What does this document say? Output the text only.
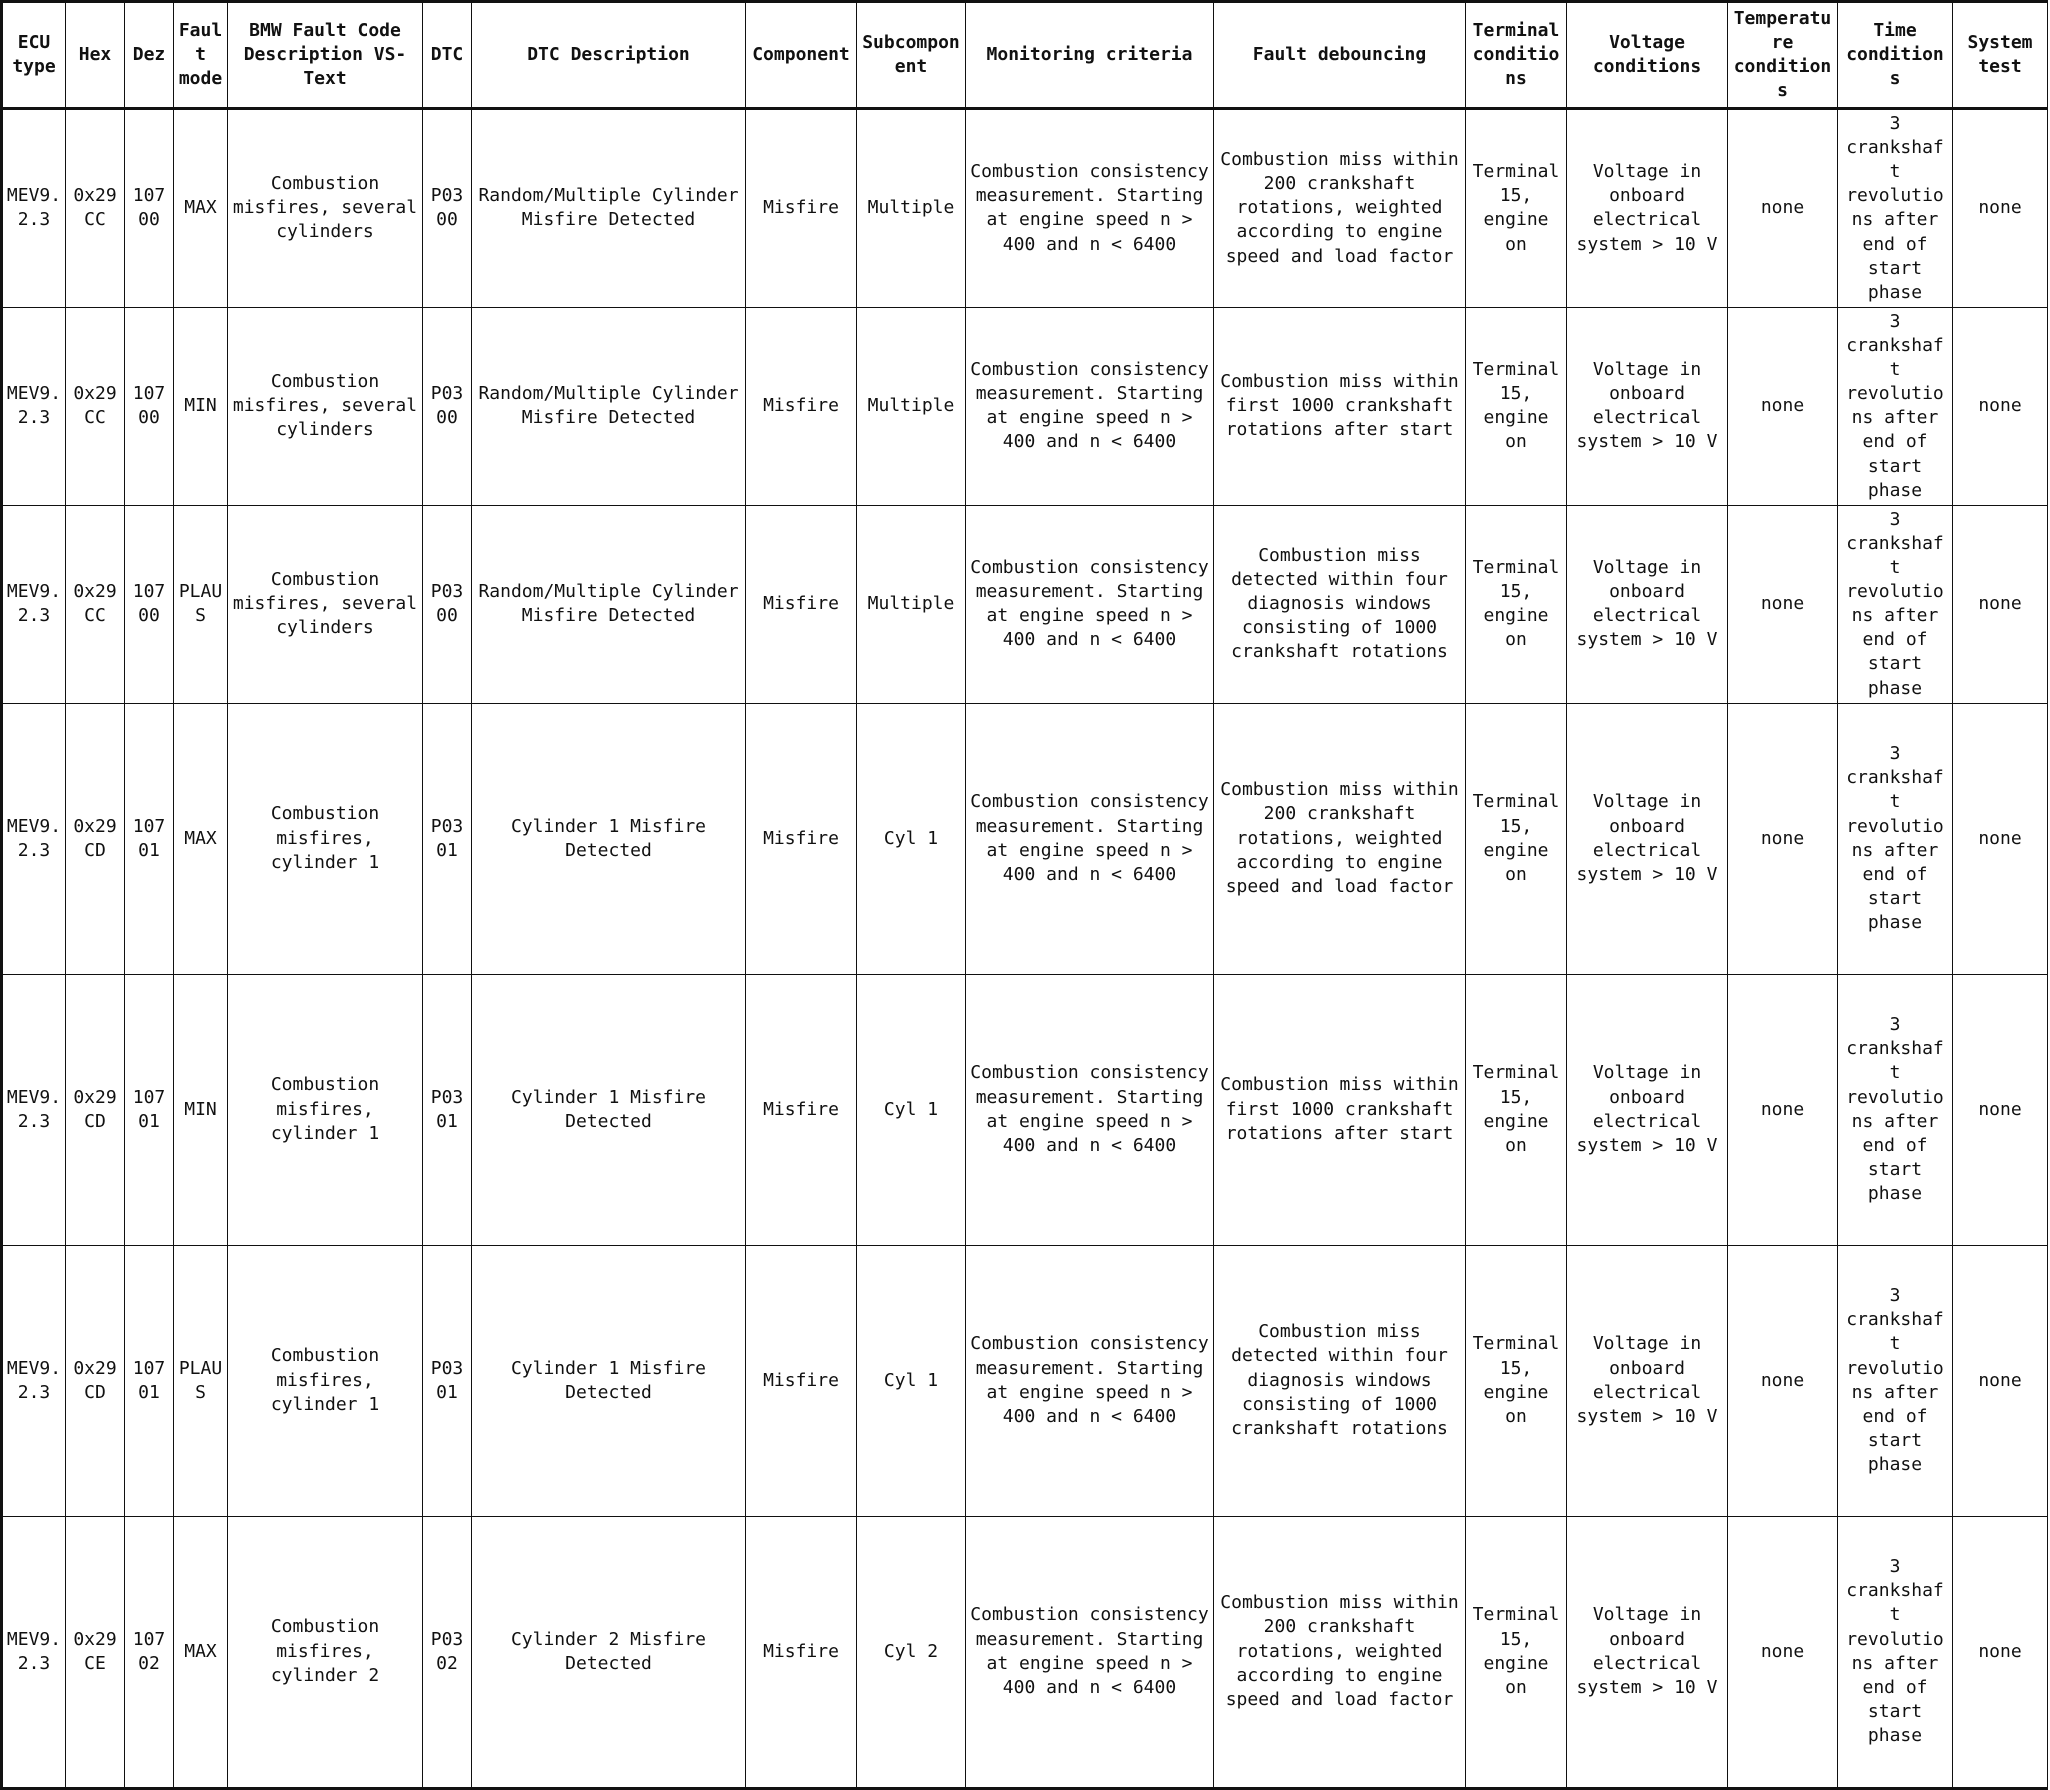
ECU type	Hex	Dez	Fault mode	BMW Fault Code Description VS-Text	DTC	DTC Description	Component	Subcomponent	Monitoring criteria	Fault debouncing	Terminal conditions	Voltage conditions	Temperature conditions	Time conditions	System test
MEV9.2.3	0x29CC	10700	MAX	Combustion misfires, several cylinders	P0300	Random/Multiple Cylinder Misfire Detected	Misfire	Multiple	Combustion consistency measurement. Starting at engine speed n > 400 and n < 6400	Combustion miss within 200 crankshaft rotations, weighted according to engine speed and load factor	Terminal 15, engine on	Voltage in onboard electrical system > 10 V	none	3 crankshaft revolutions after end of start phase	none
MEV9.2.3	0x29CC	10700	MIN	Combustion misfires, several cylinders	P0300	Random/Multiple Cylinder Misfire Detected	Misfire	Multiple	Combustion consistency measurement. Starting at engine speed n > 400 and n < 6400	Combustion miss within first 1000 crankshaft rotations after start	Terminal 15, engine on	Voltage in onboard electrical system > 10 V	none	3 crankshaft revolutions after end of start phase	none
MEV9.2.3	0x29CC	10700	PLAUS	Combustion misfires, several cylinders	P0300	Random/Multiple Cylinder Misfire Detected	Misfire	Multiple	Combustion consistency measurement. Starting at engine speed n > 400 and n < 6400	Combustion miss detected within four diagnosis windows consisting of 1000 crankshaft rotations	Terminal 15, engine on	Voltage in onboard electrical system > 10 V	none	3 crankshaft revolutions after end of start phase	none
MEV9.2.3	0x29CD	10701	MAX	Combustion misfires, cylinder 1	P0301	Cylinder 1 Misfire Detected	Misfire	Cyl 1	Combustion consistency measurement. Starting at engine speed n > 400 and n < 6400	Combustion miss within 200 crankshaft rotations, weighted according to engine speed and load factor	Terminal 15, engine on	Voltage in onboard electrical system > 10 V	none	3 crankshaft revolutions after end of start phase	none
MEV9.2.3	0x29CD	10701	MIN	Combustion misfires, cylinder 1	P0301	Cylinder 1 Misfire Detected	Misfire	Cyl 1	Combustion consistency measurement. Starting at engine speed n > 400 and n < 6400	Combustion miss within first 1000 crankshaft rotations after start	Terminal 15, engine on	Voltage in onboard electrical system > 10 V	none	3 crankshaft revolutions after end of start phase	none
MEV9.2.3	0x29CD	10701	PLAUS	Combustion misfires, cylinder 1	P0301	Cylinder 1 Misfire Detected	Misfire	Cyl 1	Combustion consistency measurement. Starting at engine speed n > 400 and n < 6400	Combustion miss detected within four diagnosis windows consisting of 1000 crankshaft rotations	Terminal 15, engine on	Voltage in onboard electrical system > 10 V	none	3 crankshaft revolutions after end of start phase	none
MEV9.2.3	0x29CE	10702	MAX	Combustion misfires, cylinder 2	P0302	Cylinder 2 Misfire Detected	Misfire	Cyl 2	Combustion consistency measurement. Starting at engine speed n > 400 and n < 6400	Combustion miss within 200 crankshaft rotations, weighted according to engine speed and load factor	Terminal 15, engine on	Voltage in onboard electrical system > 10 V	none	3 crankshaft revolutions after end of start phase	none
